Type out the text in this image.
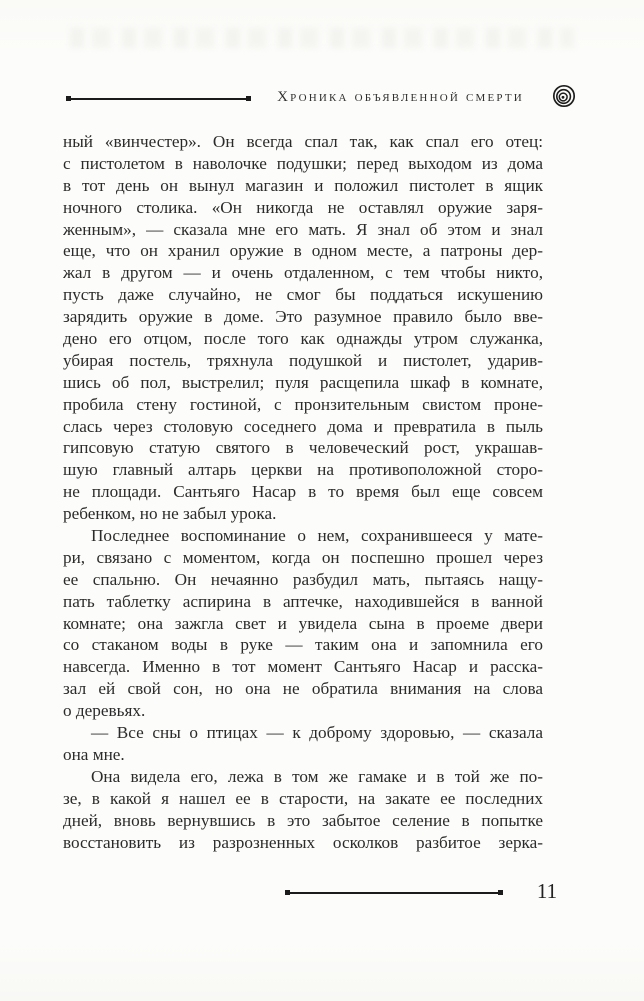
Хроника объявленной смерти
ный «винчестер». Он всегда спал так, как спал его отец:
с пистолетом в наволочке подушки; перед выходом из дома
в тот день он вынул магазин и положил пистолет в ящик
ночного столика. «Он никогда не оставлял оружие заря-
женным», — сказала мне его мать. Я знал об этом и знал
еще, что он хранил оружие в одном месте, а патроны дер-
жал в другом — и очень отдаленном, с тем чтобы никто,
пусть даже случайно, не смог бы поддаться искушению
зарядить оружие в доме. Это разумное правило было вве-
дено его отцом, после того как однажды утром служанка,
убирая постель, тряхнула подушкой и пистолет, ударив-
шись об пол, выстрелил; пуля расщепила шкаф в комнате,
пробила стену гостиной, с пронзительным свистом проне-
слась через столовую соседнего дома и превратила в пыль
гипсовую статую святого в человеческий рост, украшав-
шую главный алтарь церкви на противоположной сторо-
не площади. Сантьяго Насар в то время был еще совсем
ребенком, но не забыл урока.
Последнее воспоминание о нем, сохранившееся у мате-
ри, связано с моментом, когда он поспешно прошел через
ее спальню. Он нечаянно разбудил мать, пытаясь нащу-
пать таблетку аспирина в аптечке, находившейся в ванной
комнате; она зажгла свет и увидела сына в проеме двери
со стаканом воды в руке — таким она и запомнила его
навсегда. Именно в тот момент Сантьяго Насар и расска-
зал ей свой сон, но она не обратила внимания на слова
о деревьях.
— Все сны о птицах — к доброму здоровью, — сказала
она мне.
Она видела его, лежа в том же гамаке и в той же по-
зе, в какой я нашел ее в старости, на закате ее последних
дней, вновь вернувшись в это забытое селение в попытке
восстановить из разрозненных осколков разбитое зерка-
11
